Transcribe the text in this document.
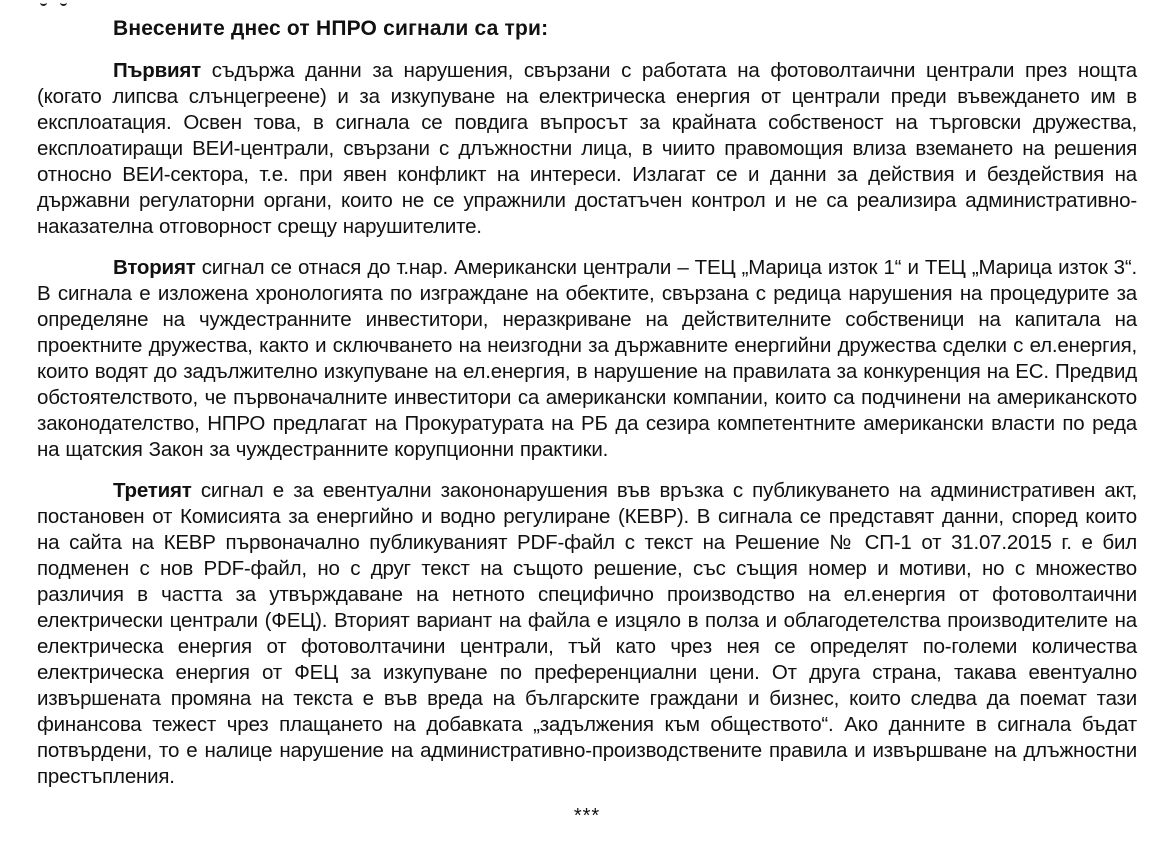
Внесените днес от НПРО сигнали са три:

Първият съдържа данни за нарушения, свързани с работата на фотоволтаични централи през нощта (когато липсва слънцегреене) и за изкупуване на електрическа енергия от централи преди въвеждането им в експлоатация. Освен това, в сигнала се повдига въпросът за крайната собственост на търговски дружества, експлоатиращи ВЕИ-централи, свързани с длъжностни лица, в чиито правомощия влиза вземането на решения относно ВЕИ-сектора, т.е. при явен конфликт на интереси. Излагат се и данни за действия и бездействия на държавни регулаторни органи, които не се упражнили достатъчен контрол и не са реализира административно-наказателна отговорност срещу нарушителите.

Вторият сигнал се отнася до т.нар. Американски централи – ТЕЦ „Марица изток 1“ и ТЕЦ „Марица изток 3“. В сигнала е изложена хронологията по изграждане на обектите, свързана с редица нарушения на процедурите за определяне на чуждестранните инвеститори, неразкриване на действителните собственици на капитала на проектните дружества, както и сключването на неизгодни за държавните енергийни дружества сделки с ел.енергия, които водят до задължително изкупуване на ел.енергия, в нарушение на правилата за конкуренция на ЕС. Предвид обстоятелството, че първоначалните инвеститори са американски компании, които са подчинени на американското законодателство, НПРО предлагат на Прокуратурата на РБ да сезира компетентните американски власти по реда на щатския Закон за чуждестранните корупционни практики.

Третият сигнал е за евентуални закононарушения във връзка с публикуването на административен акт, постановен от Комисията за енергийно и водно регулиране (КЕВР). В сигнала се представят данни, според които на сайта на КЕВР първоначално публикуваният PDF-файл с текст на Решение № СП-1 от 31.07.2015 г. е бил подменен с нов PDF-файл, но с друг текст на същото решение, със същия номер и мотиви, но с множество различия в частта за утвърждаване на нетното специфично производство на ел.енергия от фотоволтаични електрически централи (ФЕЦ). Вторият вариант на файла е изцяло в полза и облагодетелства производителите на електрическа енергия от фотоволтачини централи, тъй като чрез нея се определят по-големи количества електрическа енергия от ФЕЦ за изкупуване по преференциални цени. От друга страна, такава евентуално извършената промяна на текста е във вреда на българските граждани и бизнес, които следва да поемат тази финансова тежест чрез плащането на добавката „задължения към обществото“. Ако данните в сигнала бъдат потвърдени, то е налице нарушение на административно-производствените правила и извършване на длъжностни престъпления.

***
